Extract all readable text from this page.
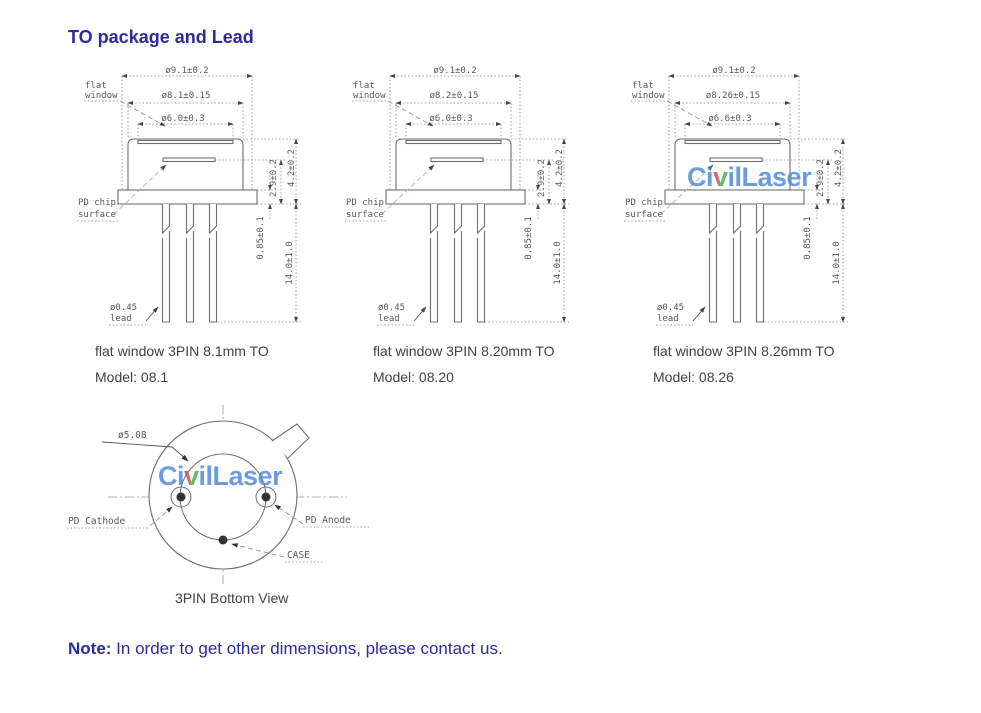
TO package and Lead
ø9.1±0.2
ø8.1±0.15
ø6.0±0.3
flat
window
PD chip
surface
ø0.45
lead
0.85±0.1
2.9±0.2 4.2±0.2
14.0±1.0
ø9.1±0.2
ø8.2±0.15
ø6.0±0.3
flat
window
PD chip
surface
ø0.45
lead
0.85±0.1
2.9±0.2 4.2±0.2
14.0±1.0
ø9.1±0.2
ø8.26±0.15
ø6.6±0.3
flat
window
PD chip
surface
ø0.45
lead
0.85±0.1
2.9±0.2 4.2±0.2
14.0±1.0
flat window 3PIN 8.1mm TO
Model: 08.1
flat window 3PIN 8.20mm TO
Model: 08.20
flat window 3PIN 8.26mm TO
Model: 08.26
ø5.08
PD Cathode	PD Anode
CASE
3PIN Bottom View
CivilLaser
CivilLaser
Note: In order to get other dimensions, please contact us.
